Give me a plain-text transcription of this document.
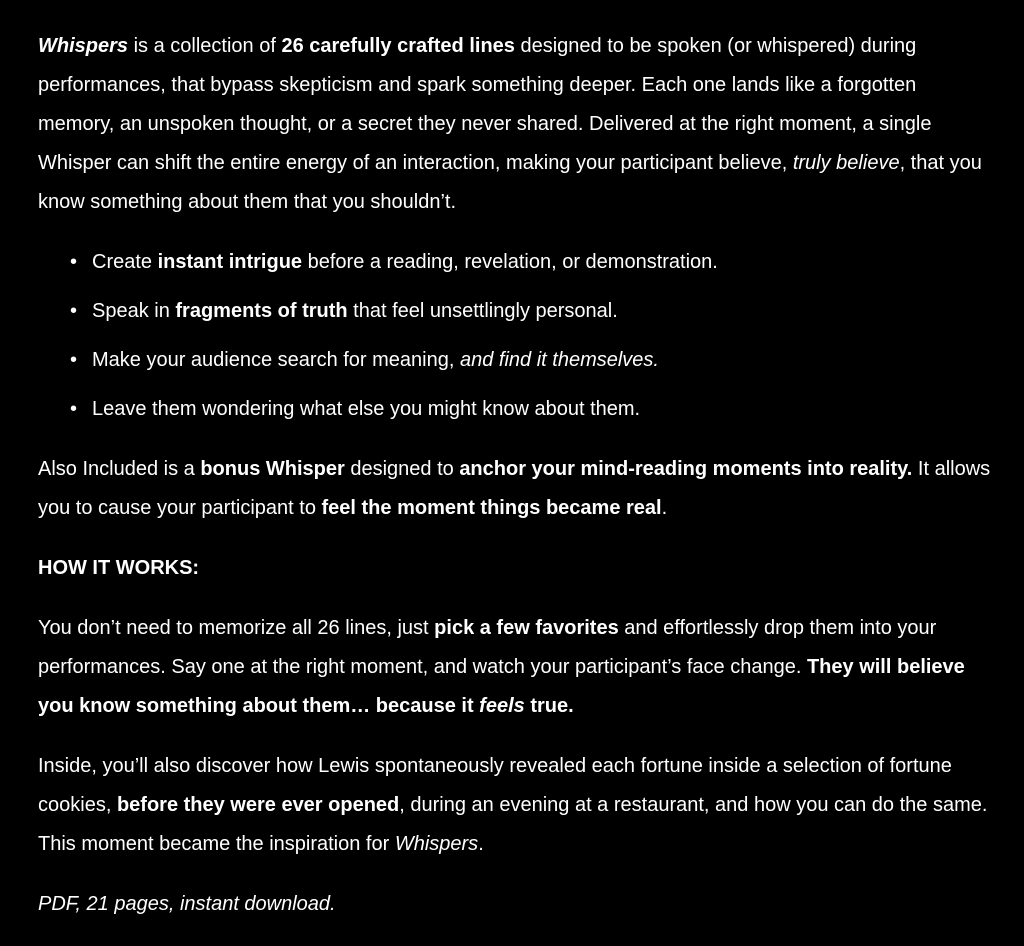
Whispers is a collection of 26 carefully crafted lines designed to be spoken (or whispered) during performances, that bypass skepticism and spark something deeper. Each one lands like a forgotten memory, an unspoken thought, or a secret they never shared. Delivered at the right moment, a single Whisper can shift the entire energy of an interaction, making your participant believe, truly believe, that you know something about them that you shouldn’t.

• Create instant intrigue before a reading, revelation, or demonstration.
• Speak in fragments of truth that feel unsettlingly personal.
• Make your audience search for meaning, and find it themselves.
• Leave them wondering what else you might know about them.

Also Included is a bonus Whisper designed to anchor your mind-reading moments into reality. It allows you to cause your participant to feel the moment things became real.

HOW IT WORKS:

You don’t need to memorize all 26 lines, just pick a few favorites and effortlessly drop them into your performances. Say one at the right moment, and watch your participant’s face change. They will believe you know something about them… because it feels true.

Inside, you’ll also discover how Lewis spontaneously revealed each fortune inside a selection of fortune cookies, before they were ever opened, during an evening at a restaurant, and how you can do the same. This moment became the inspiration for Whispers.

PDF, 21 pages, instant download.
